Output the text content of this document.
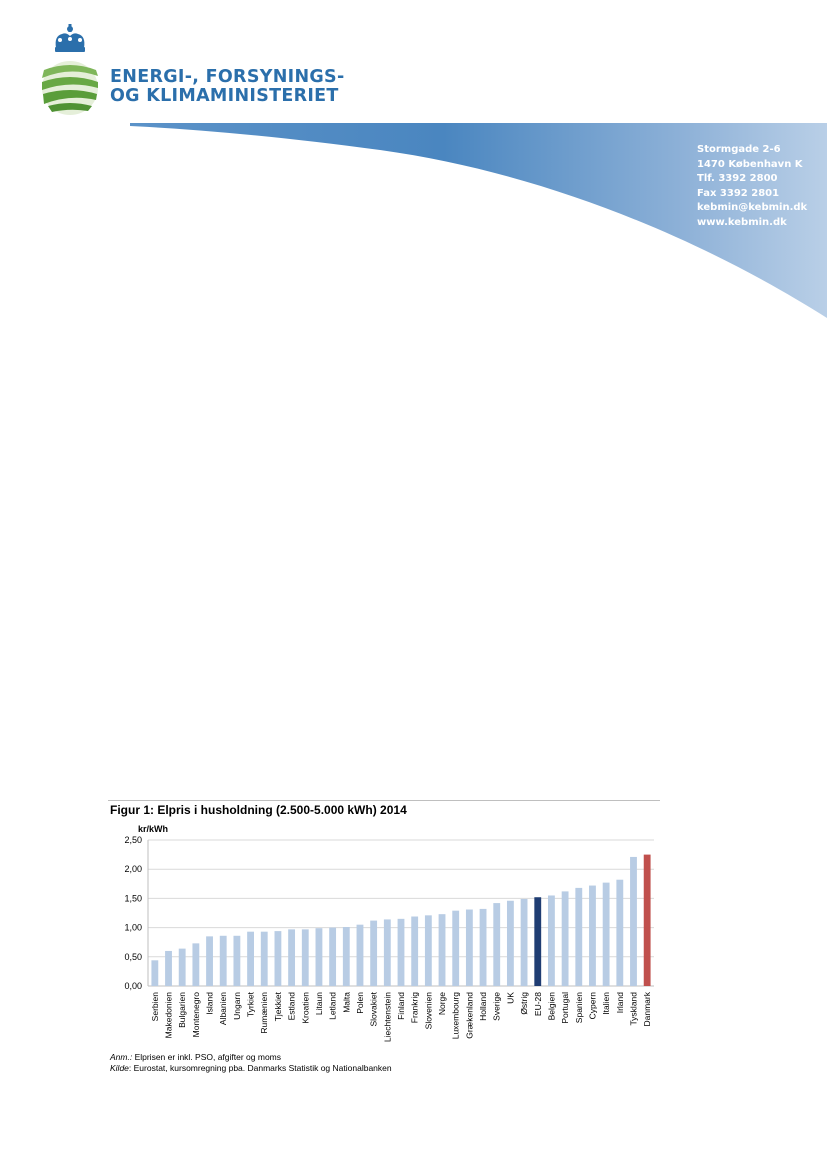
ENERGI-, FORSYNINGS-
OG KLIMAMINISTERIET
Stormgade 2-6
1470 København K
Tlf. 3392 2800
Fax 3392 2801
kebmin@kebmin.dk
www.kebmin.dk
Figur 1: Elpris i husholdning (2.500-5.000 kWh) 2014
kr/kWh
0,00
0,50
1,00
1,50
2,00
2,50
Serbien Makedonien Bulgarien Montenegro Island Albanien Ungarn Tyrkiet Rumænien Tjekkiet Estland Kroatien Litaun Letland Malta Polen Slovakiet Liechtenstein Finland Frankrig Slovenien Norge Luxembourg Grækenland Holland Sverige UK Østrig EU-28 Belgien Portugal Spanien Cypern Italien Irland Tyskland Danmark
Anm.: Elprisen er inkl. PSO, afgifter og moms
Kilde: Eurostat, kursomregning pba. Danmarks Statistik og Nationalbanken
